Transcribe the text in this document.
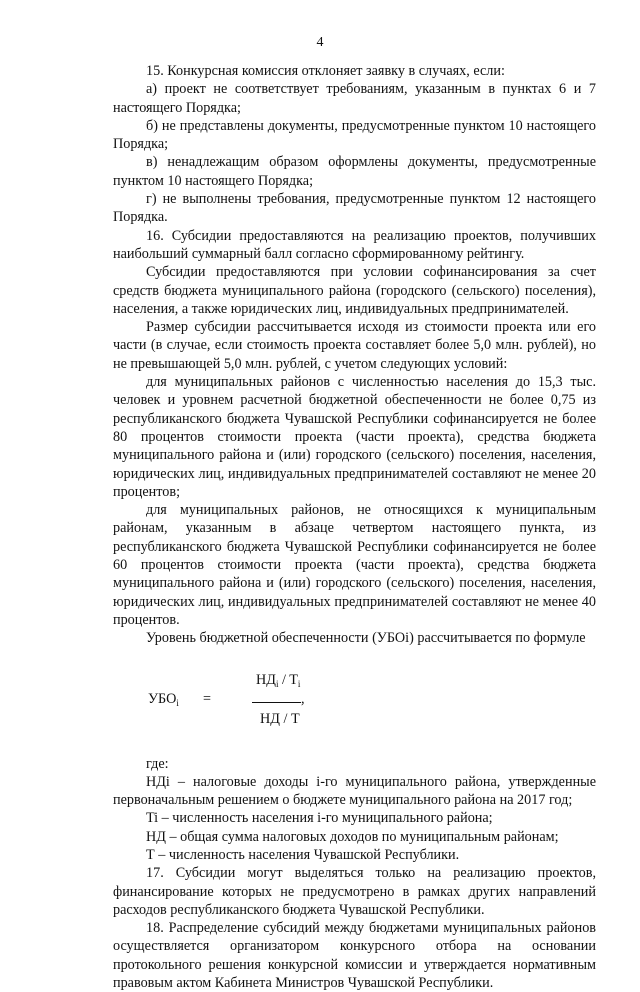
4

15. Конкурсная комиссия отклоняет заявку в случаях, если:

а) проект не соответствует требованиям, указанным в пунктах 6 и 7 настоящего Порядка;

б) не представлены документы, предусмотренные пунктом 10 настоящего Порядка;

в) ненадлежащим образом оформлены документы, предусмотренные пунктом 10 настоящего Порядка;

г) не выполнены требования, предусмотренные пунктом 12 настоящего Порядка.

16. Субсидии предоставляются на реализацию проектов, получивших наибольший суммарный балл согласно сформированному рейтингу.

Субсидии предоставляются при условии софинансирования за счет средств бюджета муниципального района (городского (сельского) поселения), населения, а также юридических лиц, индивидуальных предпринимателей.

Размер субсидии рассчитывается исходя из стоимости проекта или его части (в случае, если стоимость проекта составляет более 5,0 млн. рублей), но не превышающей 5,0 млн. рублей, с учетом следующих условий:

для муниципальных районов с численностью населения до 15,3 тыс. человек и уровнем расчетной бюджетной обеспеченности не более 0,75 из республиканского бюджета Чувашской Республики софинансируется не более 80 процентов стоимости проекта (части проекта), средства бюджета муниципального района и (или) городского (сельского) поселения, населения, юридических лиц, индивидуальных предпринимателей составляют не менее 20 процентов;

для муниципальных районов, не относящихся к муниципальным районам, указанным в абзаце четвертом настоящего пункта, из республиканского бюджета Чувашской Республики софинансируется не более 60 процентов стоимости проекта (части проекта), средства бюджета муниципального района и (или) городского (сельского) поселения, населения, юридических лиц, индивидуальных предпринимателей составляют не менее 40 процентов.

Уровень бюджетной обеспеченности (УБОi) рассчитывается по формуле

$УБО_i$ =
$НД_i / T_i$
,
НД / Т

где:

НДi – налоговые доходы i-го муниципального района, утвержденные первоначальным решением о бюджете муниципального района на 2017 год;

Ti – численность населения i-го муниципального района;

НД – общая сумма налоговых доходов по муниципальным районам;

Т – численность населения Чувашской Республики.

17. Субсидии могут выделяться только на реализацию проектов, финансирование которых не предусмотрено в рамках других направлений расходов республиканского бюджета Чувашской Республики.

18. Распределение субсидий между бюджетами муниципальных районов осуществляется организатором конкурсного отбора на основании протокольного решения конкурсной комиссии и утверждается нормативным правовым актом Кабинета Министров Чувашской Республики.
